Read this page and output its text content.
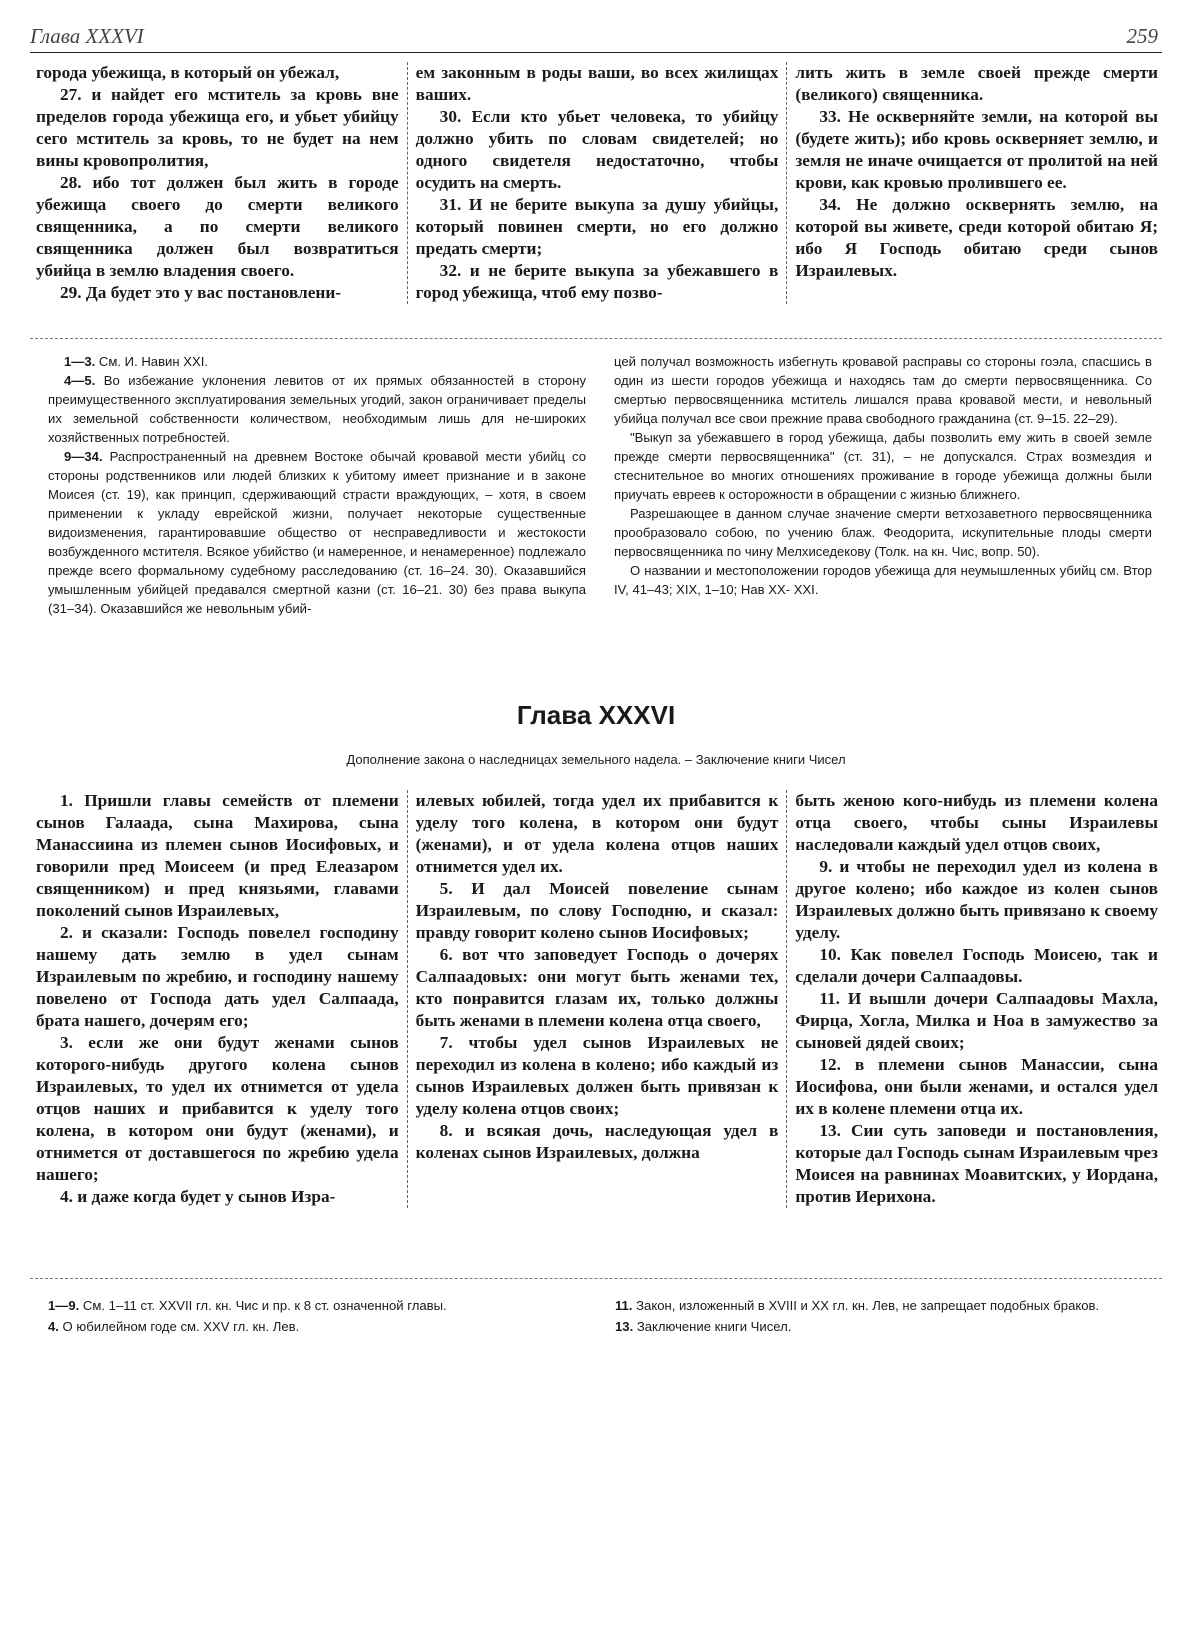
Глава XXXVI	259

города убежища, в который он убежал,

27. и найдет его мститель за кровь вне пределов города убежища его, и убьет убийцу сего мститель за кровь, то не будет на нем вины кровопролития,

28. ибо тот должен был жить в городе убежища своего до смерти великого священника, а по смерти великого священника должен был возвратиться убийца в землю владения своего.

29. Да будет это у вас постановлени-

ем законным в роды ваши, во всех жилищах ваших.

30. Если кто убьет человека, то убийцу должно убить по словам свидетелей; но одного свидетеля недостаточно, чтобы осудить на смерть.

31. И не берите выкупа за душу убийцы, который повинен смерти, но его должно предать смерти;

32. и не берите выкупа за убежавшего в город убежища, чтоб ему позво-

лить жить в земле своей прежде смерти (великого) священника.

33. Не оскверняйте земли, на которой вы (будете жить); ибо кровь оскверняет землю, и земля не иначе очищается от пролитой на ней крови, как кровью пролившего ее.

34. Не должно осквернять землю, на которой вы живете, среди которой обитаю Я; ибо Я Господь обитаю среди сынов Израилевых.

1—3. См. И. Навин XXI.

4—5. Во избежание уклонения левитов от их прямых обязанностей в сторону преимущественного эксплуатирования земельных угодий, закон ограничивает пределы их земельной собственности количеством, необходимым лишь для не-широких хозяйственных потребностей.

9—34. Распространенный на древнем Востоке обычай кровавой мести убийц со стороны родственников или людей близких к убитому имеет признание и в законе Моисея (ст. 19), как принцип, сдерживающий страсти враждующих, – хотя, в своем применении к укладу еврейской жизни, получает некоторые существенные видоизменения, гарантировавшие общество от несправедливости и жестокости возбужденного мстителя. Всякое убийство (и намеренное, и ненамеренное) подлежало прежде всего формальному судебному расследованию (ст. 16–24. 30). Оказавшийся умышленным убийцей предавался смертной казни (ст. 16–21. 30) без права выкупа (31–34). Оказавшийся же невольным убий-

цей получал возможность избегнуть кровавой расправы со стороны гоэла, спасшись в один из шести городов убежища и находясь там до смерти первосвященника. Со смертью первосвященника мститель лишался права кровавой мести, и невольный убийца получал все свои прежние права свободного гражданина (ст. 9–15. 22–29).

"Выкуп за убежавшего в город убежища, дабы позволить ему жить в своей земле прежде смерти первосвященника" (ст. 31), – не допускался. Страх возмездия и стеснительное во многих отношениях проживание в городе убежища должны были приучать евреев к осторожности в обращении с жизнью ближнего.

Разрешающее в данном случае значение смерти ветхозаветного первосвященника прообразовало собою, по учению блаж. Феодорита, искупительные плоды смерти первосвященника по чину Мелхиседекову (Толк. на кн. Чис, вопр. 50).

О названии и местоположении городов убежища для неумышленных убийц см. Втор IV, 41–43; XIX, 1–10; Нав XX- XXI.

Глава XXXVI
Дополнение закона о наследницах земельного надела. – Заключение книги Чисел

1. Пришли главы семейств от племени сынов Галаада, сына Махирова, сына Манассиина из племен сынов Иосифовых, и говорили пред Моисеем (и пред Елеазаром священником) и пред князьями, главами поколений сынов Израилевых,

2. и сказали: Господь повелел господину нашему дать землю в удел сынам Израилевым по жребию, и господину нашему повелено от Господа дать удел Салпаада, брата нашего, дочерям его;

3. если же они будут женами сынов которого-нибудь другого колена сынов Израилевых, то удел их отнимется от удела отцов наших и прибавится к уделу того колена, в котором они будут (женами), и отнимется от доставшегося по жребию удела нашего;

4. и даже когда будет у сынов Изра-

илевых юбилей, тогда удел их прибавится к уделу того колена, в котором они будут (женами), и от удела колена отцов наших отнимется удел их.

5. И дал Моисей повеление сынам Израилевым, по слову Господню, и сказал: правду говорит колено сынов Иосифовых;

6. вот что заповедует Господь о дочерях Салпаадовых: они могут быть женами тех, кто понравится глазам их, только должны быть женами в племени колена отца своего,

7. чтобы удел сынов Израилевых не переходил из колена в колено; ибо каждый из сынов Израилевых должен быть привязан к уделу колена отцов своих;

8. и всякая дочь, наследующая удел в коленах сынов Израилевых, должна

быть женою кого-нибудь из племени колена отца своего, чтобы сыны Израилевы наследовали каждый удел отцов своих,

9. и чтобы не переходил удел из колена в другое колено; ибо каждое из колен сынов Израилевых должно быть привязано к своему уделу.

10. Как повелел Господь Моисею, так и сделали дочери Салпаадовы.

11. И вышли дочери Салпаадовы Махла, Фирца, Хогла, Милка и Ноа в замужество за сыновей дядей своих;

12. в племени сынов Манассии, сына Иосифова, они были женами, и остался удел их в колене племени отца их.

13. Сии суть заповеди и постановления, которые дал Господь сынам Израилевым чрез Моисея на равнинах Моавитских, у Иордана, против Иерихона.

1—9. См. 1–11 ст. XXVII гл. кн. Чис и пр. к 8 ст. означенной главы.
4. О юбилейном годе см. XXV гл. кн. Лев.
11. Закон, изложенный в XVIII и XX гл. кн. Лев, не запрещает подобных браков.
13. Заключение книги Чисел.
